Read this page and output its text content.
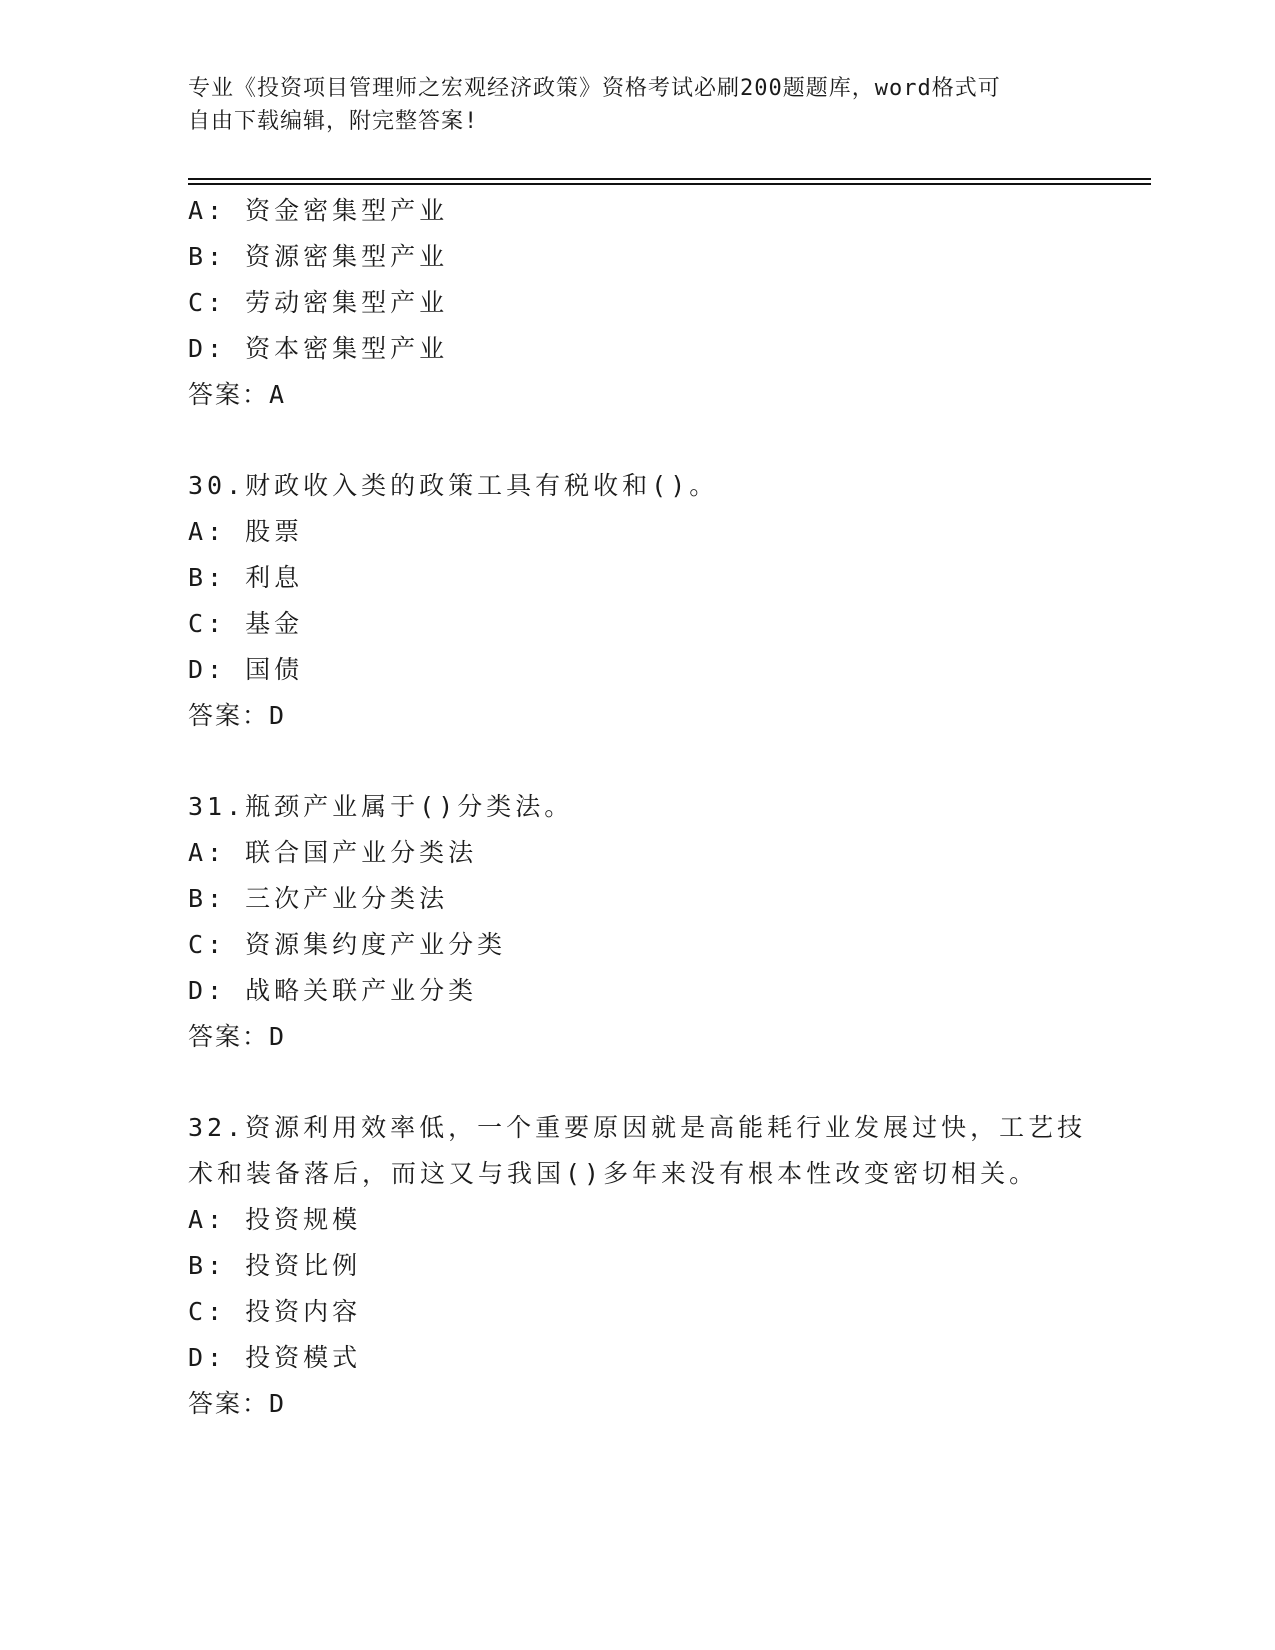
专业《投资项目管理师之宏观经济政策》资格考试必刷200题题库，word格式可
自由下载编辑，附完整答案!
A: 资金密集型产业
B: 资源密集型产业
C: 劳动密集型产业
D: 资本密集型产业
答案：A
30.财政收入类的政策工具有税收和()。
A: 股票
B: 利息
C: 基金
D: 国债
答案：D
31.瓶颈产业属于()分类法。
A: 联合国产业分类法
B: 三次产业分类法
C: 资源集约度产业分类
D: 战略关联产业分类
答案：D
32.资源利用效率低，一个重要原因就是高能耗行业发展过快，工艺技
术和装备落后，而这又与我国()多年来没有根本性改变密切相关。
A: 投资规模
B: 投资比例
C: 投资内容
D: 投资模式
答案：D
